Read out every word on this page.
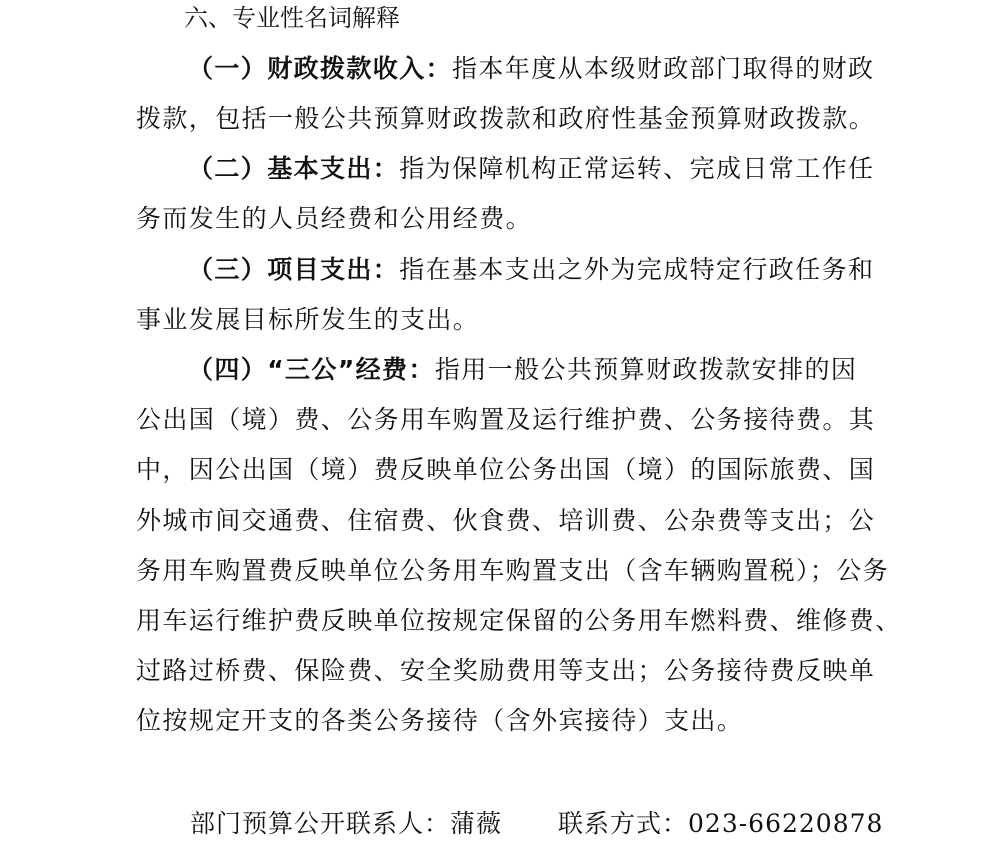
六、专业性名词解释
（一）财政拨款收入：指本年度从本级财政部门取得的财政
拨款，包括一般公共预算财政拨款和政府性基金预算财政拨款。
（二）基本支出：指为保障机构正常运转、完成日常工作任
务而发生的人员经费和公用经费。
（三）项目支出：指在基本支出之外为完成特定行政任务和
事业发展目标所发生的支出。
（四）“三公”经费：指用一般公共预算财政拨款安排的因
公出国（境）费、公务用车购置及运行维护费、公务接待费。其
中，因公出国（境）费反映单位公务出国（境）的国际旅费、国
外城市间交通费、住宿费、伙食费、培训费、公杂费等支出；公
务用车购置费反映单位公务用车购置支出（含车辆购置税）；公务
用车运行维护费反映单位按规定保留的公务用车燃料费、维修费、
过路过桥费、保险费、安全奖励费用等支出；公务接待费反映单
位按规定开支的各类公务接待（含外宾接待）支出。
部门预算公开联系人：蒲薇 联系方式：023-66220878
